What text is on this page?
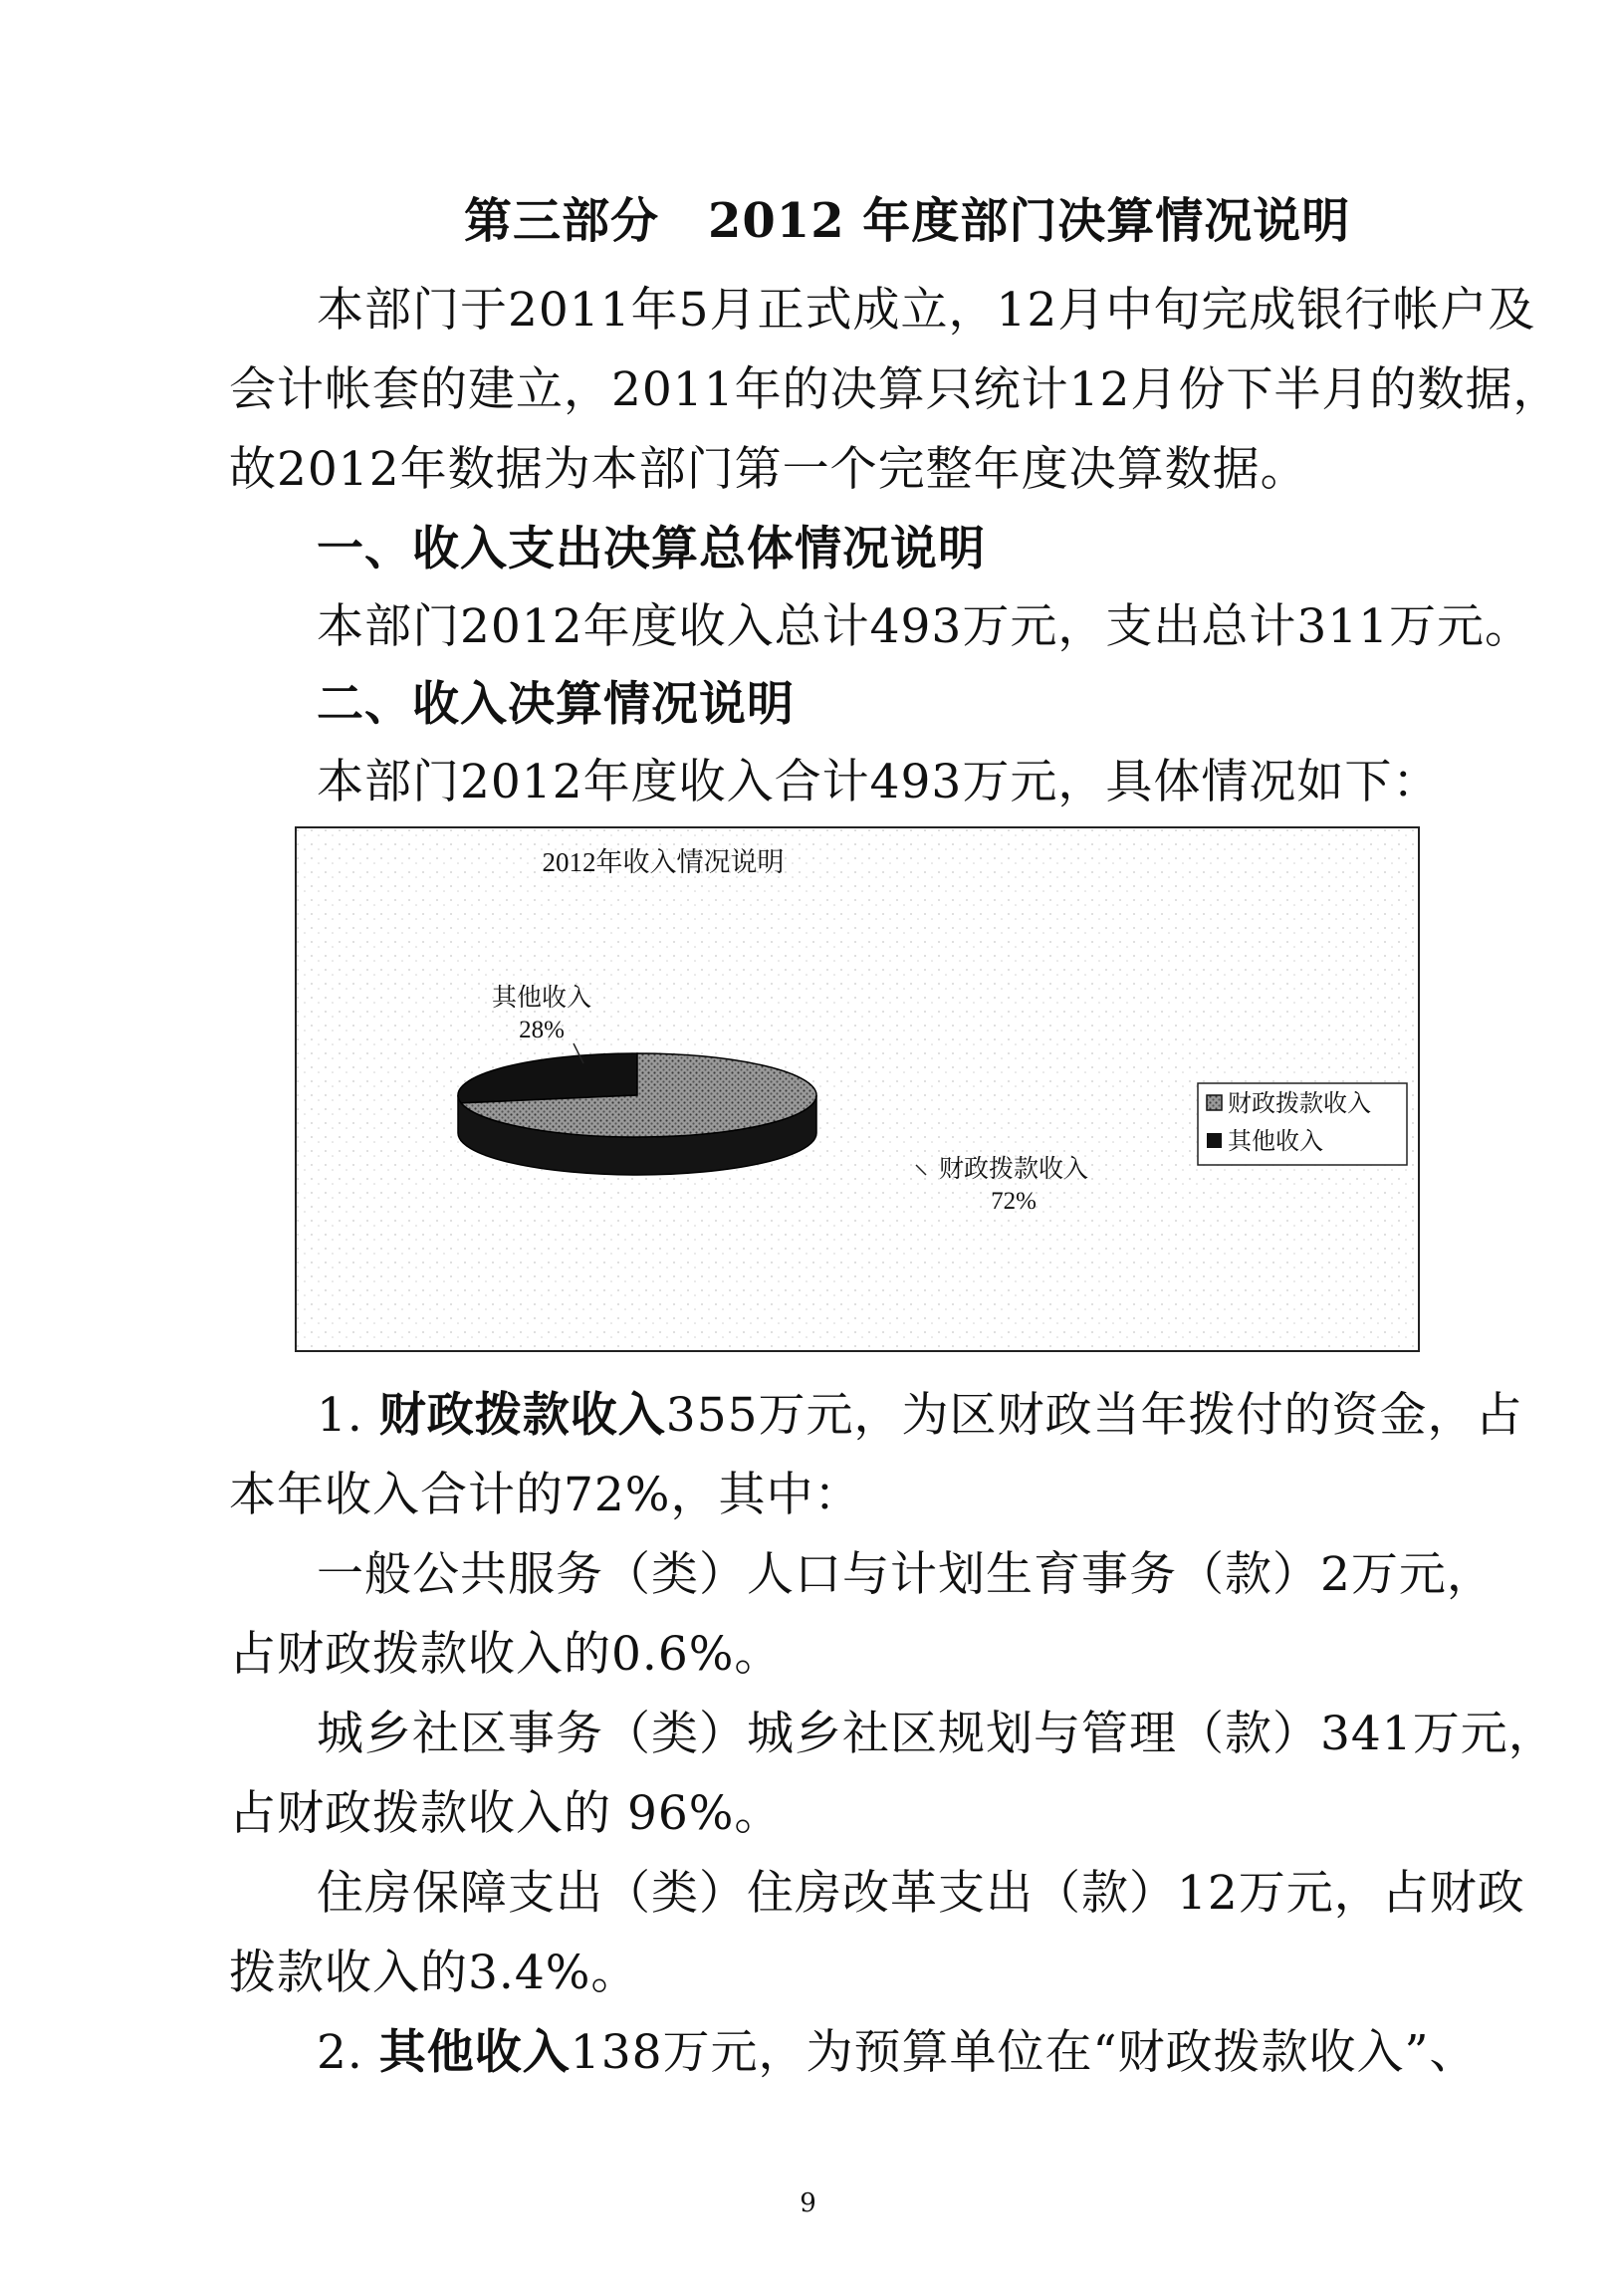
第三部分　2012 年度部门决算情况说明
本部门于2011年5月正式成立，12月中旬完成银行帐户及
会计帐套的建立，2011年的决算只统计12月份下半月的数据，
故2012年数据为本部门第一个完整年度决算数据。
一、收入支出决算总体情况说明
本部门2012年度收入总计493万元，支出总计311万元。
二、收入决算情况说明
本部门2012年度收入合计493万元，具体情况如下：
2012年收入情况说明
其他收入
28%
财政拨款收入
72%
财政拨款收入
其他收入
1. 财政拨款收入355万元，为区财政当年拨付的资金，占
本年收入合计的72%，其中：
一般公共服务（类）人口与计划生育事务（款）2万元，
占财政拨款收入的0.6%。
城乡社区事务（类）城乡社区规划与管理（款）341万元，
占财政拨款收入的 96%。
住房保障支出（类）住房改革支出（款）12万元，占财政
拨款收入的3.4%。
2. 其他收入138万元，为预算单位在“财政拨款收入”、
9
